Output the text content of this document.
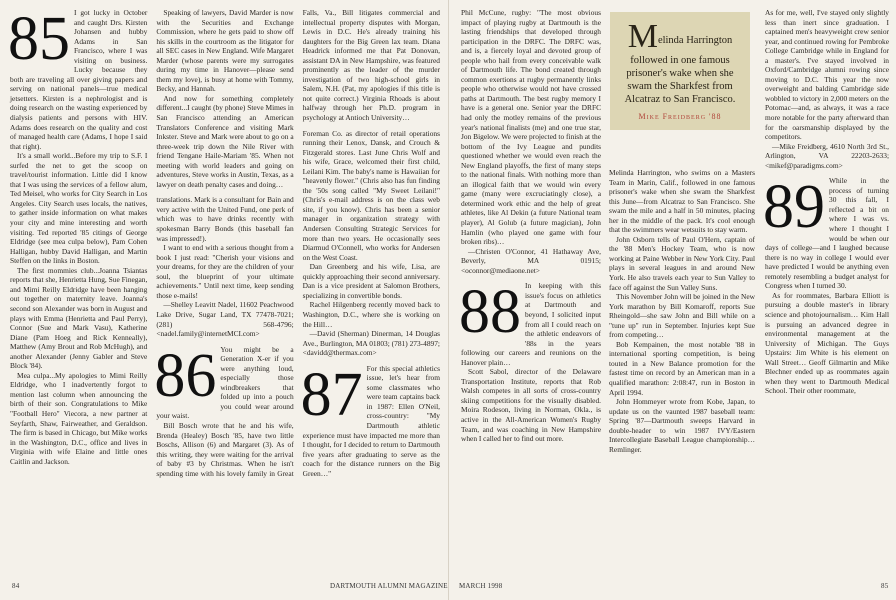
85 I got lucky in October and caught Drs. Kirsten Johansen and hubby Adams in San Francisco, where I was visiting on business. Lucky because they both are traveling all over giving papers and serving on national panels—true medical jetsetters. Kirsten is a nephrologist and is doing research on the wasting experienced by dialysis patients and persons with HIV. Adams does research on the quality and cost of managed health care (Adams, I hope I said that right).

It's a small world...Before my trip to S.F. I surfed the net to get the scoop on travel/tourist information. Little did I know that I was using the services of a fellow alum, Ted Meisel, who works for City Search in Los Angeles. City Search uses locals, the natives, to gather inside information on what makes your city and mine interesting and worth visiting. Ted reported '85 citings of George Eldridge (see mea culpa below), Pam Cohen Halligan, hubby David Halligan, and Martin Steffen on the links in Boston.

The first mommies club...Joanna Tsiantas reports that she, Henrietta Hung, Sue Finegan, and Mimi Reilly Eldridge have been hanging out together on maternity leave. Joanna's second son Alexander was born in August and plays with Emma (Henrietta and Paul Perry), Connor (Sue and Mark Vasu), Katherine Diane (Pam Hoeg and Rick Kenneally), Matthew (Amy Brout and Rob McHugh), and another Alexander (Jenny Gabler and Steve Block '84).

Mea culpa...My apologies to Mimi Reilly Eldridge, who I inadvertently forgot to mention last column when announcing the birth of their son. Congratulations to Mike "Football Hero" Viecora, a new partner at Seyfarth, Shaw, Fairweather, and Geraldson. The firm is based in Chicago, but Mike works in the Washington, D.C., office and lives in Virginia with wife Elaine and little ones Caitlin and Jackson.

Speaking of lawyers, David Marder is now with the Securities and Exchange Commission, where he gets paid to show off his skills in the courtroom as the litigator for all SEC cases in New England. Wife Margaret Marder (whose parents were my surrogates during my time in Hanover—please send them my love), is busy at home with Tommy, Becky, and Hannah.

And now for something completely different...I caught (by phone) Steve Mimes in San Francisco attending an American Translators Conference and visiting Mark Inkster. Steve and Mark were about to go on a three-week trip down the Nile River with friend Tengane Haile-Mariam '85. When not meeting with world leaders and going on adventures, Steve works in Austin, Texas, as a lawyer on death penalty cases and doing…

translations. Mark is a consultant for Bain and very active with the United Fund, one perk of which was to have drinks recently with spokesman Barry Bonds (this baseball fan was impressed!).

I want to end with a serious thought from a book I just read: "Cherish your visions and your dreams, for they are the children of your soul, the blueprint of your ultimate achievements." Until next time, keep sending those e-mails!

—Shelley Leavitt Nadel, 11602 Peachwood Lake Drive, Sugar Land, TX 77478-7021; (281) 568-4796; <nadel.family@internetMCI.com>

86 You might be a Generation X-er if you were anything loud, especially those windbreakers that folded up into a pouch you could wear around your waist.

Bill Bosch wrote that he and his wife, Brenda (Healey) Bosch '85, have two little Boschs, Allison (6) and Margaret (3). As of this writing, they were waiting for the arrival of baby #3 by Christmas. When he isn't spending time with his lovely family in Great Falls, Va., Bill litigates commercial and intellectual property disputes with Morgan, Lewis in D.C. He's already training his daughters for the Big Green lax team. Diana Headrick informed me that Pat Donovan, assistant DA in New Hampshire, was featured prominently as the leader of the murder investigation of two high-school girls in Salem, N.H. (Pat, my apologies if this title is not quite correct.) Virginia Rhoads is about halfway through her Ph.D. program in psychology at Antioch University…

Foreman Co. as director of retail operations running their Lenox, Dansk, and Crouch & Fitzgerald stores. Last June Chris Wolf and his wife, Grace, welcomed their first child, Leilani Kim. The baby's name is Hawaiian for "heavenly flower." (Chris also has fun finding the '50s song called "My Sweet Leilani!" (Chris's e-mail address is on the class web site, if you know). Chris has been a senior manager in organization strategy with Andersen Consulting Strategic Services for more than two years. He occasionally sees Diarmud O'Connell, who works for Andersen on the West Coast.

Dan Greenberg and his wife, Lisa, are quickly approaching their second anniversary. Dan is a vice president at Salomon Brothers, specializing in convertible bonds.

Rachel Hilgenberg recently moved back to Washington, D.C., where she is working on the Hill…

—David (Sherman) Dinerman, 14 Douglas Ave., Burlington, MA 01803; (781) 273-4897; <davidd@thermax.com>

87 For this special athletics issue, let's hear from some classmates who were team captains back in 1987: Ellen O'Neil, cross-country: "My Dartmouth athletic experience must have impacted me more than I thought, for I decided to return to Dartmouth five years after graduating to serve as the coach for the distance runners on the Big Green…"

84	DARTMOUTH ALUMNI MAGAZINE

Phil McCune, rugby: "The most obvious impact of playing rugby at Dartmouth is the lasting friendships that developed through participation in the DRFC. The DRFC was, and is, a fiercely loyal and devoted group of people who hail from every conceivable walk of Dartmouth life. The bond created through common exertions at rugby permanently links people who otherwise would not have crossed paths at Dartmouth. The best rugby memory I have is a general one. Senior year the DRFC had only the motley remains of the previous year's national finalists (me) and one true star, Jon Bigelow. We were projected to finish at the bottom of the Ivy League and pundits questioned whether we would even reach the New England playoffs, the first of many steps to the national finals. With nothing more than an illogical faith that we would win every game (many were excruciatingly close), a determined work ethic and the help of great athletes, like Al Dekin (a future National team player), Al Golub (a future magician), John Hamlin (who played one game with four broken ribs)…

—Christen O'Connor, 41 Hathaway Ave, Beverly, MA 01915; <oconnor@mediaone.net>

88 In keeping with this issue's focus on athletics at Dartmouth and beyond, I solicited input from all I could reach on the athletic endeavors of '88s in the years following our careers and reunions on the Hanover plain…

Scott Sabol, director of the Delaware Transportation Institute, reports that Rob Walsh competes in all sorts of cross-country skiing competitions for the visually disabled. Moira Rodeson, living in Norman, Okla., is active in the All-American Women's Rugby Team, and was coaching in New Hampshire when I called her to find out more.

Melinda Harrington, who swims on a Masters Team in Marin, Calif., followed in one famous prisoner's wake when she swam the Sharkfest this June—from Alcatraz to San Francisco. She swam the mile and a half in 50 minutes, placing her in the middle of the pack. It's cool enough that the swimmers wear wetsuits to stay warm.

John Osborn tells of Paul O'Hern, captain of the '88 Men's Hockey Team, who is now working at Paine Webber in New York City. Paul plays in several leagues in and around New York. He also travels each year to Sun Valley to face off against the Sun Valley Suns.

This November John will be joined in the New York marathon by Bill Komaroff, reports Sue Rheingold—she saw John and Bill while on a "tune up" run in September. Injuries kept Sue from competing…

Bob Kempainen, the most notable '88 in international sporting competition, is being touted in a New Balance promotion for the fastest time on record by an American man in a qualified marathon: 2:08:47, run in Boston in April 1994.

John Hommeyer wrote from Kobe, Japan, to update us on the vaunted 1987 baseball team: Spring '87—Dartmouth sweeps Harvard in double-header to win 1987 IVY/Eastern Intercollegiate Baseball League championship… Remlinger.

As for me, well, I've stayed only slightly less than inert since graduation. I captained men's heavyweight crew senior year, and continued rowing for Pembroke College Cambridge while in England for a master's. I've stayed involved in Oxford/Cambridge alumni rowing since moving to D.C. This year the now overweight and balding Cambridge side wobbled to victory in 2,000 meters on the Potomac—and, as always, it was a race more notable for the party afterward than for the oarsmanship displayed by the competitors.

—Mike Freidberg, 4610 North 3rd St., Arlington, VA 22203-2633; <mikef@paradigms.com>

89 While in the process of turning 30 this fall, I reflected a bit on where I was vs. where I thought I would be when our days of college—and I laughed because there is no way in college I would ever have predicted I would be anything even remotely resembling a budget analyst for Congress when I turned 30.

As for roommates, Barbara Elliott is pursuing a double master's in library science and photojournalism… Kim Hall is pursuing an advanced degree in environmental management at the University of Michigan. The Guys Upstairs: Jim White is his element on Wall Street… Geoff Gilmartin and Mike Blechner ended up as roommates again when they went to Dartmouth Medical School. Their other roommate,

MARCH 1998	85
Melinda Harrington followed in one famous prisoner's wake when she swam the Sharkfest from Alcatraz to San Francisco.
Mike Freidberg '88
